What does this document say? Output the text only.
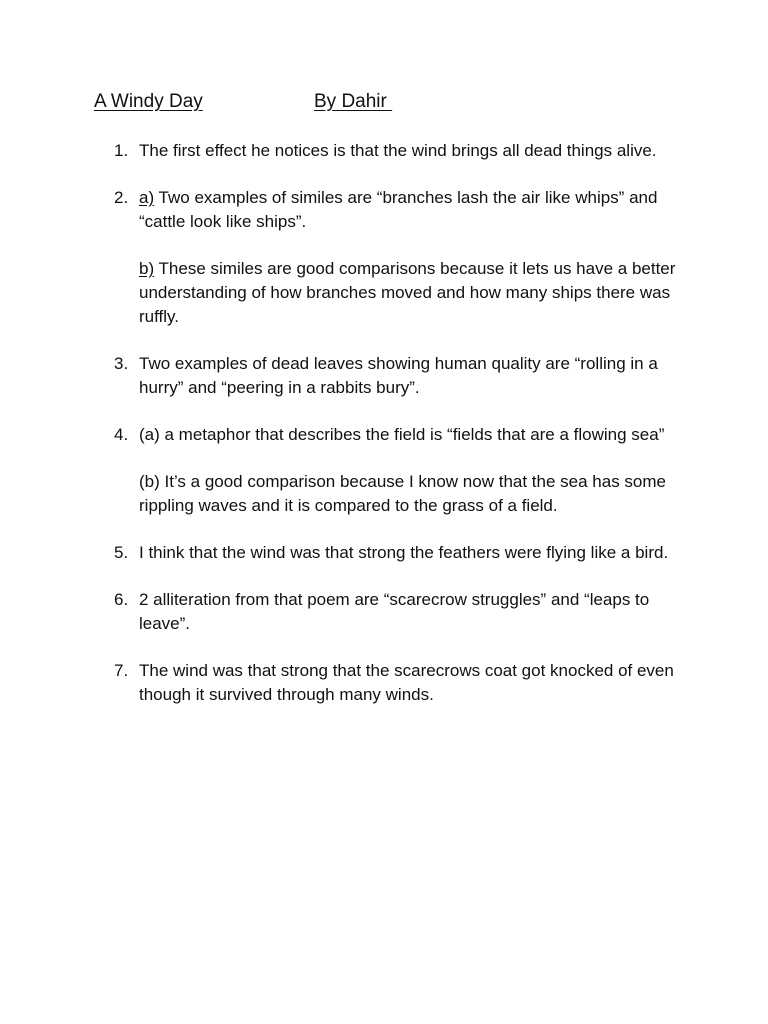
A Windy Day	By Dahir
1. The first effect he notices is that the wind brings all dead things alive.

2. a) Two examples of similes are “branches lash the air like whips” and “cattle look like ships”.

b) These similes are good comparisons because it lets us have a better understanding of how branches moved and how many ships there was ruffly.

3. Two examples of dead leaves showing human quality are “rolling in a hurry” and “peering in a rabbits bury”.

4. (a) a metaphor that describes the field is “fields that are a flowing sea”

(b) It’s a good comparison because I know now that the sea has some rippling waves and it is compared to the grass of a field.

5. I think that the wind was that strong the feathers were flying like a bird.

6. 2 alliteration from that poem are “scarecrow struggles” and “leaps to leave”.

7. The wind was that strong that the scarecrows coat got knocked of even though it survived through many winds.
